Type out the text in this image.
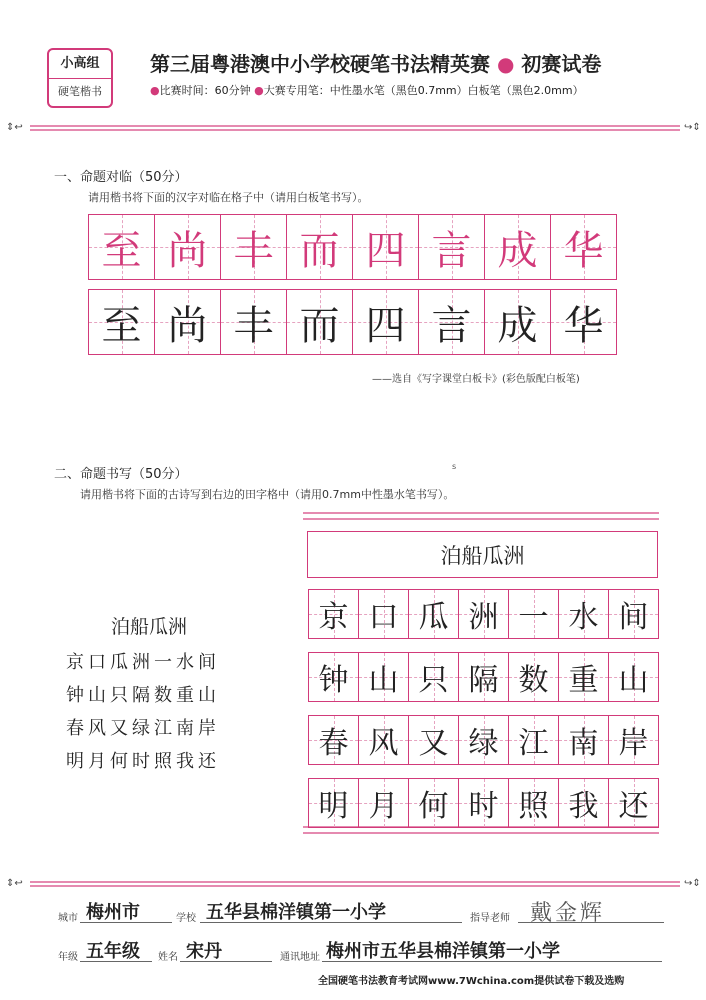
小高组
硬笔楷书
第三届粤港澳中小学校硬笔书法精英赛 ● 初赛试卷
●比赛时间：60分钟 ●大赛专用笔：中性墨水笔（黑色0.7mm）白板笔（黑色2.0mm）
⇕↩	↪⇕
一、命题对临（50分）
请用楷书将下面的汉字对临在格子中（请用白板笔书写）。
至 尚 丰 而 四 言 成 华
至 尚 丰 而 四 言 成 华
——选自《写字课堂白板卡》(彩色版配白板笔)
s
二、命题书写（50分）
请用楷书将下面的古诗写到右边的田字格中（请用0.7mm中性墨水笔书写）。
泊船瓜洲
京口瓜洲一水间
钟山只隔数重山
春风又绿江南岸
明月何时照我还
泊船瓜洲
京 口 瓜 洲 一 水 间
钟 山 只 隔 数 重 山
春 风 又 绿 江 南 岸
明 月 何 时 照 我 还
⇕↩	↪⇕
城市 梅州市	学校 五华县棉洋镇第一小学	指导老师 戴金辉
年级 五年级 姓名 宋丹	通讯地址 梅州市五华县棉洋镇第一小学
全国硬笔书法教育考试网www.7Wchina.com提供试卷下载及选购
